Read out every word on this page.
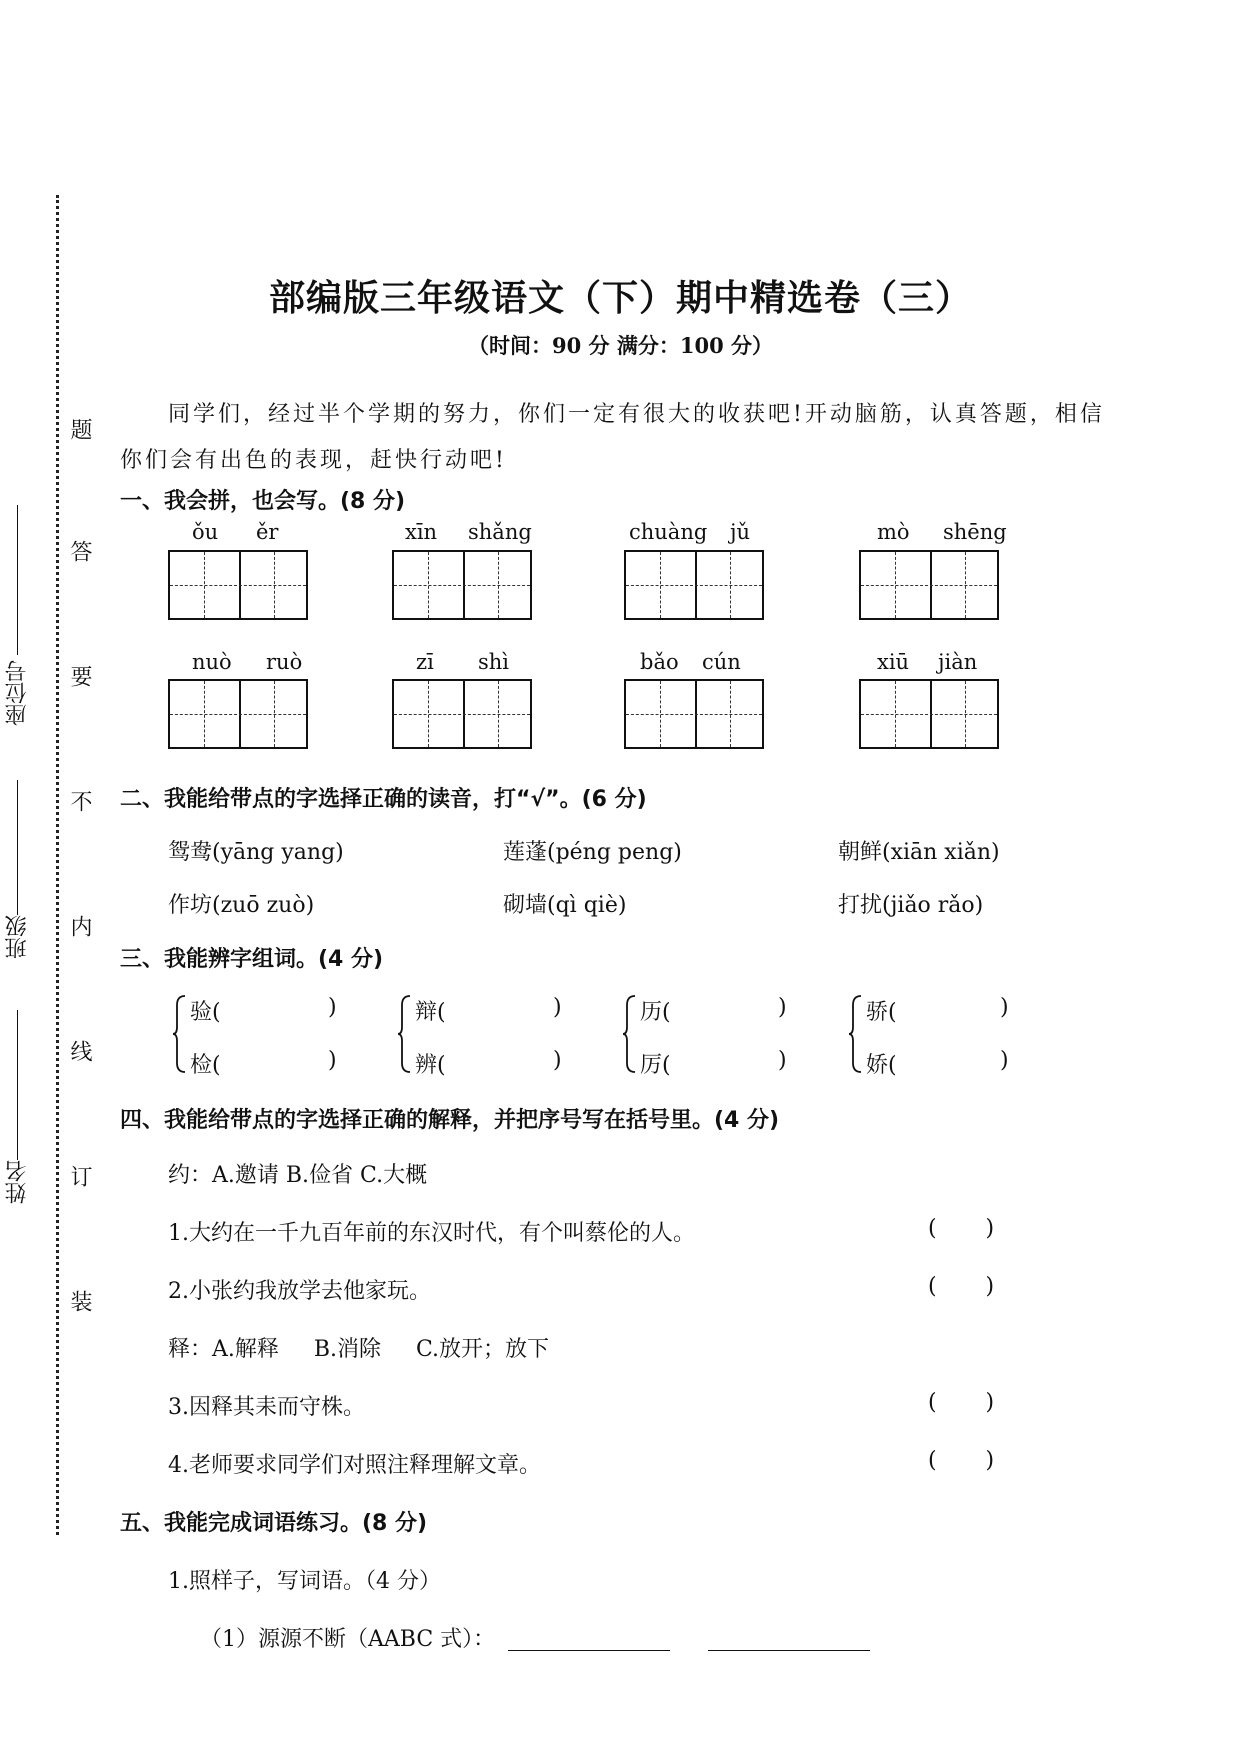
题
答
要
不
内
线
订
装
姓名
班级
座位号
部编版三年级语文（下）期中精选卷（三）
（时间：90 分 满分：100 分）
同学们，经过半个学期的努力，你们一定有很大的收获吧!开动脑筋，认真答题，相信
你们会有出色的表现，赶快行动吧!
一、我会拼，也会写。(8 分)
ǒu ěr	xīn shǎng	chuàng jǔ	mò shēng
nuò ruò	zī shì	bǎo cún	xiū jiàn
二、我能给带点的字选择正确的读音，打“√”。(6 分)
鸳鸯(yāng yang)	莲蓬(péng peng)	朝鲜(xiān xiǎn)
作坊(zuō zuò)	砌墙(qì qiè)	打扰(jiǎo rǎo)
三、我能辨字组词。(4 分)
验(	)
检(	)
辩(	)
辨(	)
历(	)
厉(	)
骄(	)
娇(	)
四、我能给带点的字选择正确的解释，并把序号写在括号里。(4 分)
约：A.邀请 B.俭省 C.大概
1.大约在一千九百年前的东汉时代，有个叫蔡伦的人。	(       )
2.小张约我放学去他家玩。	(       )
释：A.解释     B.消除     C.放开；放下
3.因释其耒而守株。	(       )
4.老师要求同学们对照注释理解文章。	(       )
五、我能完成词语练习。(8 分)
1.照样子，写词语。（4 分）
（1）源源不断（AABC 式）：
